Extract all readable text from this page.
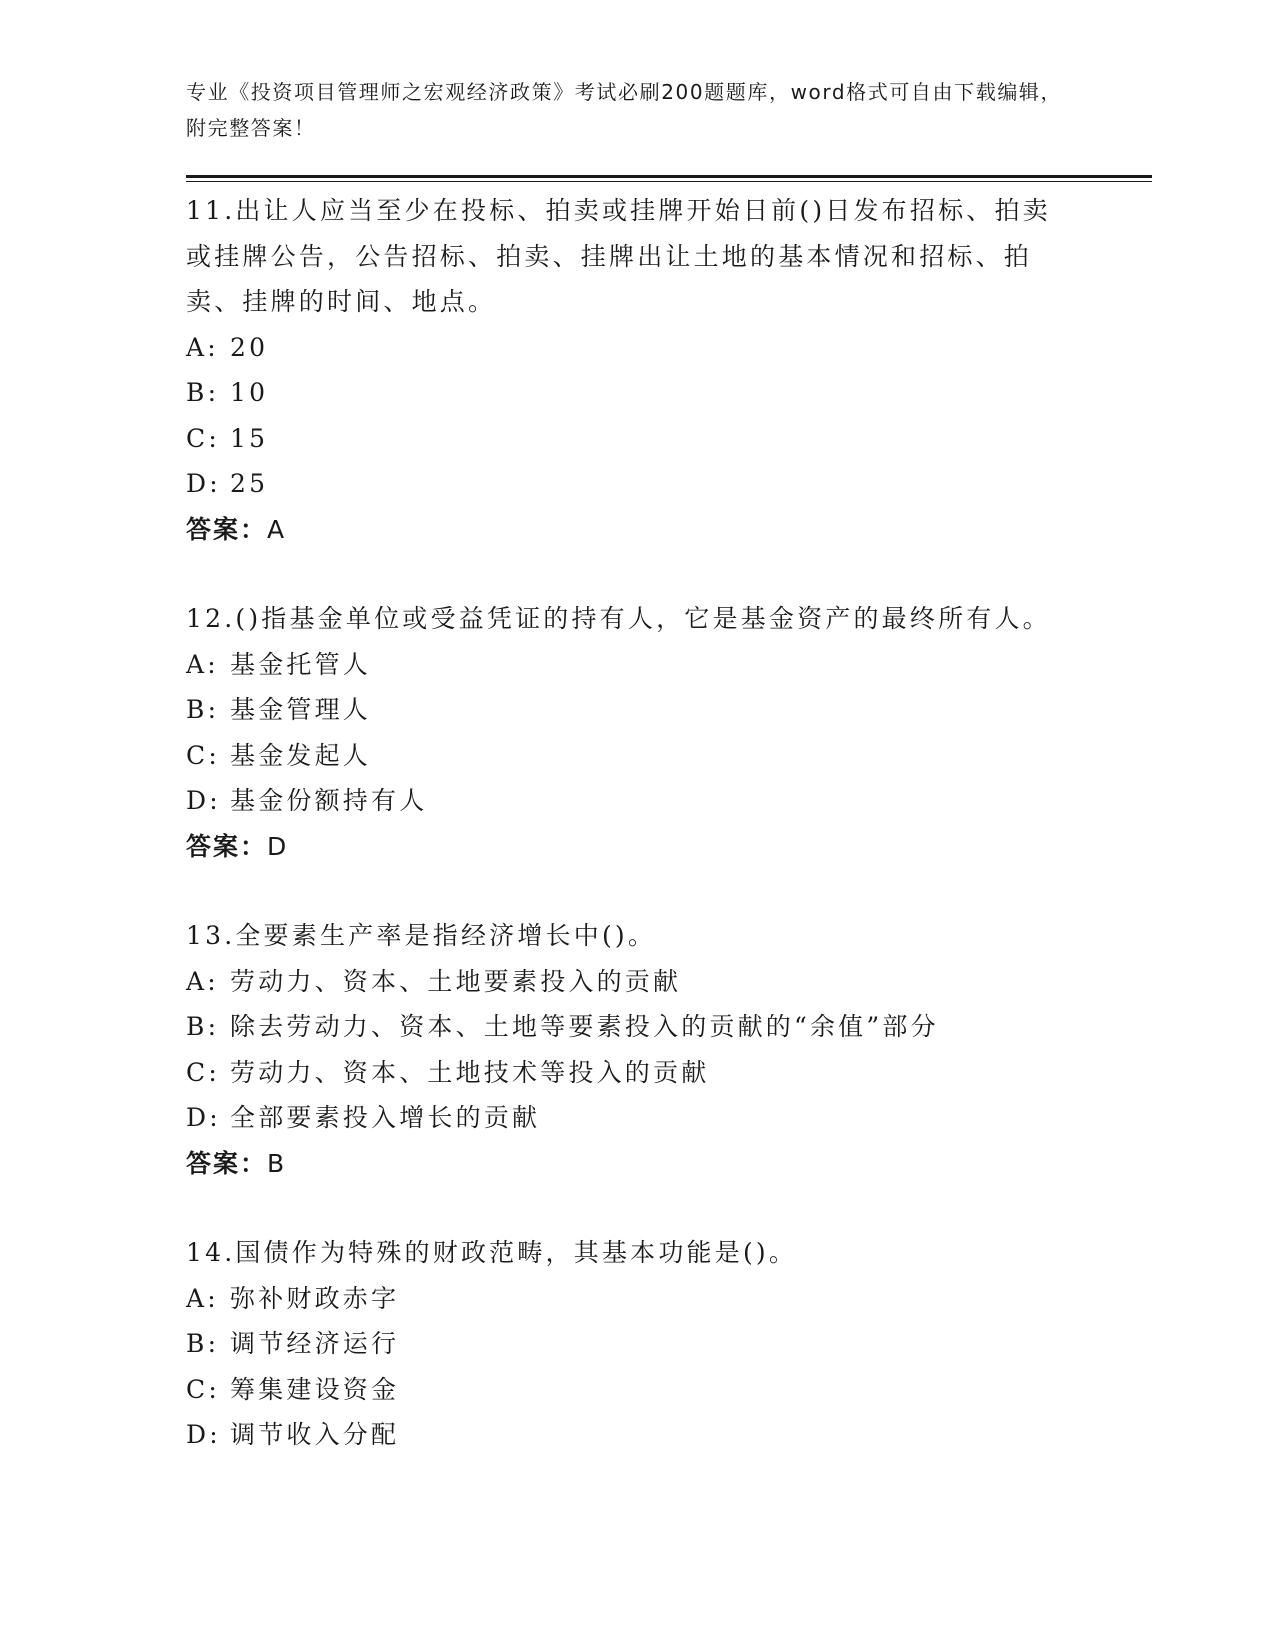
专业《投资项目管理师之宏观经济政策》考试必刷200题题库，word格式可自由下载编辑，附完整答案！

11.出让人应当至少在投标、拍卖或挂牌开始日前()日发布招标、拍卖或挂牌公告，公告招标、拍卖、挂牌出让土地的基本情况和招标、拍卖、挂牌的时间、地点。

A: 20

B: 10

C: 15

D: 25

答案：A

12.()指基金单位或受益凭证的持有人，它是基金资产的最终所有人。

A: 基金托管人

B: 基金管理人

C: 基金发起人

D: 基金份额持有人

答案：D

13.全要素生产率是指经济增长中()。

A: 劳动力、资本、土地要素投入的贡献

B: 除去劳动力、资本、土地等要素投入的贡献的“余值”部分

C: 劳动力、资本、土地技术等投入的贡献

D: 全部要素投入增长的贡献

答案：B

14.国债作为特殊的财政范畴，其基本功能是()。

A: 弥补财政赤字

B: 调节经济运行

C: 筹集建设资金

D: 调节收入分配
